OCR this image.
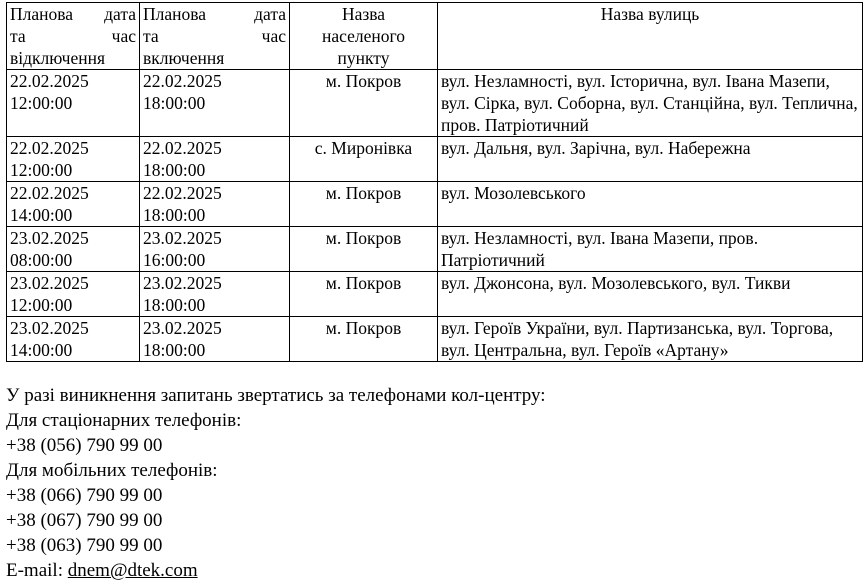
Планова дата
та час
відключення	Планова дата
та час
включення	Назва
населеного
пункту	Назва вулиць

22.02.2025
12:00:00	22.02.2025
18:00:00	м. Покров	вул. Незламності, вул. Історична, вул. Івана Мазепи, вул. Сірка, вул. Соборна, вул. Станційна, вул. Теплична, пров. Патріотичний

22.02.2025
12:00:00	22.02.2025
18:00:00	с. Миронівка	вул. Дальня, вул. Зарічна, вул. Набережна

22.02.2025
14:00:00	22.02.2025
18:00:00	м. Покров	вул. Мозолевського

23.02.2025
08:00:00	23.02.2025
16:00:00	м. Покров	вул. Незламності, вул. Івана Мазепи, пров. Патріотичний

23.02.2025
12:00:00	23.02.2025
18:00:00	м. Покров	вул. Джонсона, вул. Мозолевського, вул. Тикви

23.02.2025
14:00:00	23.02.2025
18:00:00	м. Покров	вул. Героїв України, вул. Партизанська, вул. Торгова, вул. Центральна, вул. Героїв «Артану»
У разі виникнення запитань звертатись за телефонами кол-центру:
Для стаціонарних телефонів:
+38 (056) 790 99 00
Для мобільних телефонів:
+38 (066) 790 99 00
+38 (067) 790 99 00
+38 (063) 790 99 00
E-mail: dnem@dtek.com
